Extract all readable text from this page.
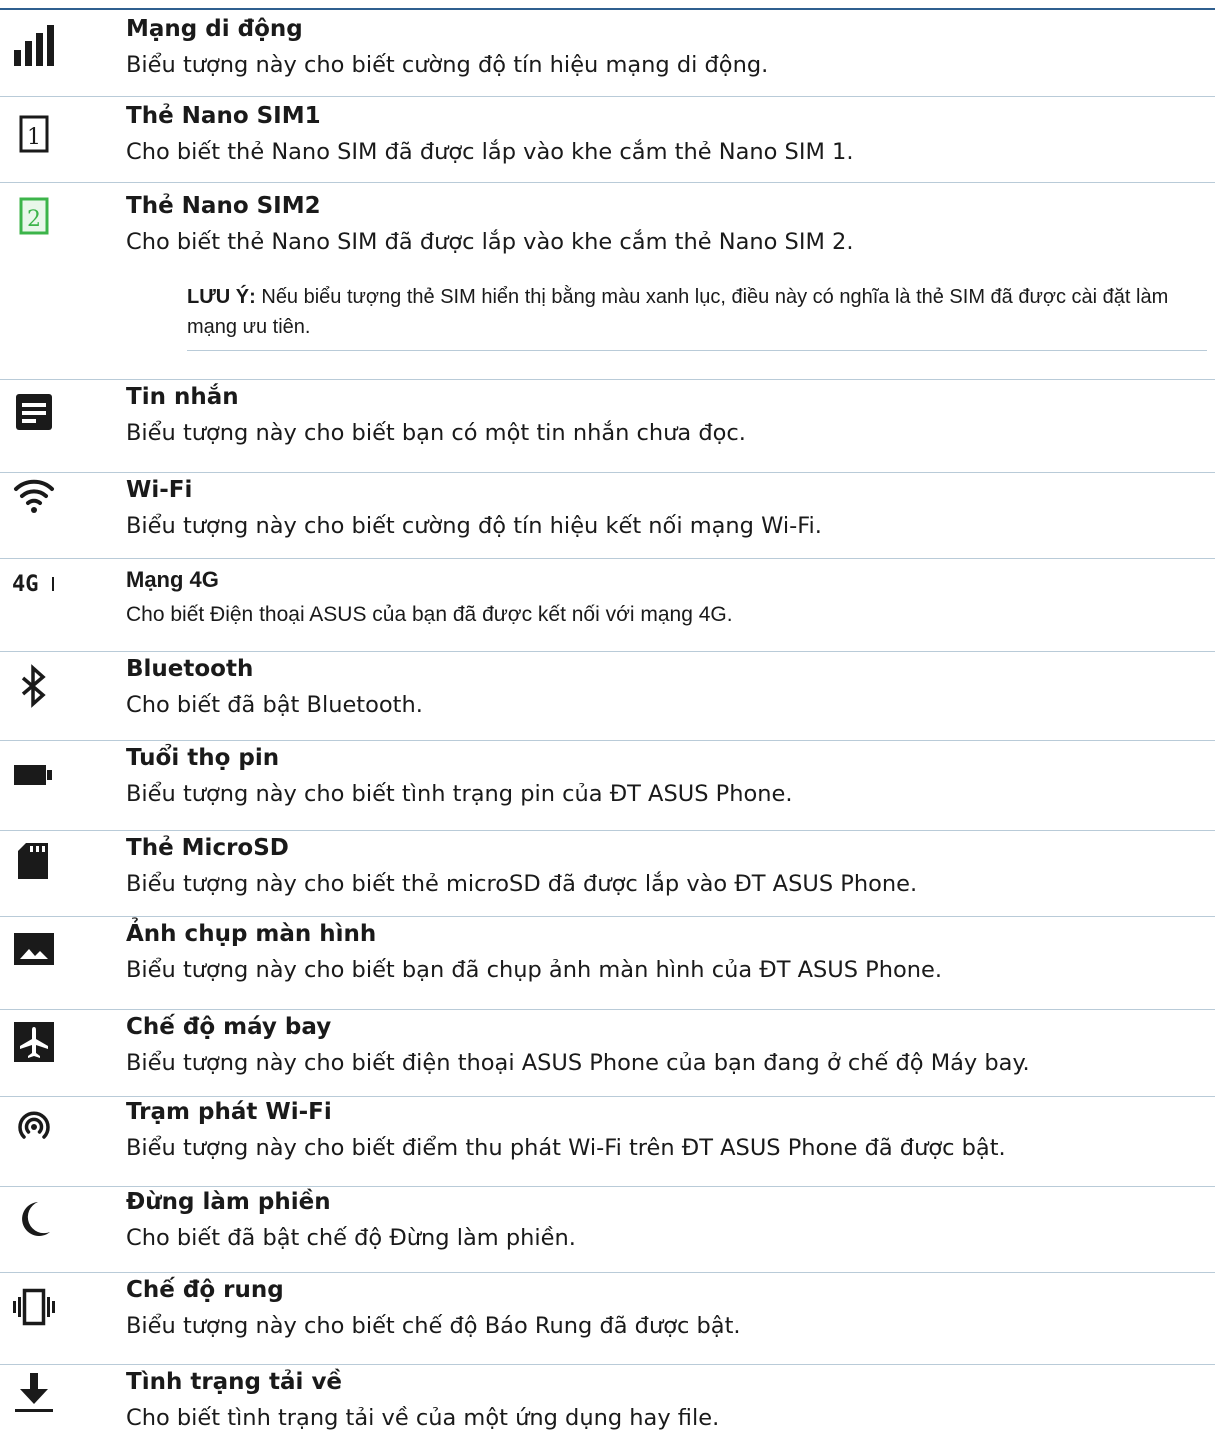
Mạng di động
Biểu tượng này cho biết cường độ tín hiệu mạng di động.
1
Thẻ Nano SIM1
Cho biết thẻ Nano SIM đã được lắp vào khe cắm thẻ Nano SIM 1.
2
Thẻ Nano SIM2
Cho biết thẻ Nano SIM đã được lắp vào khe cắm thẻ Nano SIM 2.
LƯU Ý: Nếu biểu tượng thẻ SIM hiển thị bằng màu xanh lục, điều này có nghĩa là thẻ SIM đã được cài đặt làm mạng ưu tiên.
Tin nhắn
Biểu tượng này cho biết bạn có một tin nhắn chưa đọc.
Wi-Fi
Biểu tượng này cho biết cường độ tín hiệu kết nối mạng Wi-Fi.
4G	Mạng 4G
Cho biết Điện thoại ASUS của bạn đã được kết nối với mạng 4G.
Bluetooth
Cho biết đã bật Bluetooth.
Tuổi thọ pin
Biểu tượng này cho biết tình trạng pin của ĐT ASUS Phone.
Thẻ MicroSD
Biểu tượng này cho biết thẻ microSD đã được lắp vào ĐT ASUS Phone.
Ảnh chụp màn hình
Biểu tượng này cho biết bạn đã chụp ảnh màn hình của ĐT ASUS Phone.
Chế độ máy bay
Biểu tượng này cho biết điện thoại ASUS Phone của bạn đang ở chế độ Máy bay.
Trạm phát Wi-Fi
Biểu tượng này cho biết điểm thu phát Wi-Fi trên ĐT ASUS Phone đã được bật.
Đừng làm phiền
Cho biết đã bật chế độ Đừng làm phiền.
Chế độ rung
Biểu tượng này cho biết chế độ Báo Rung đã được bật.
Tình trạng tải về
Cho biết tình trạng tải về của một ứng dụng hay file.
